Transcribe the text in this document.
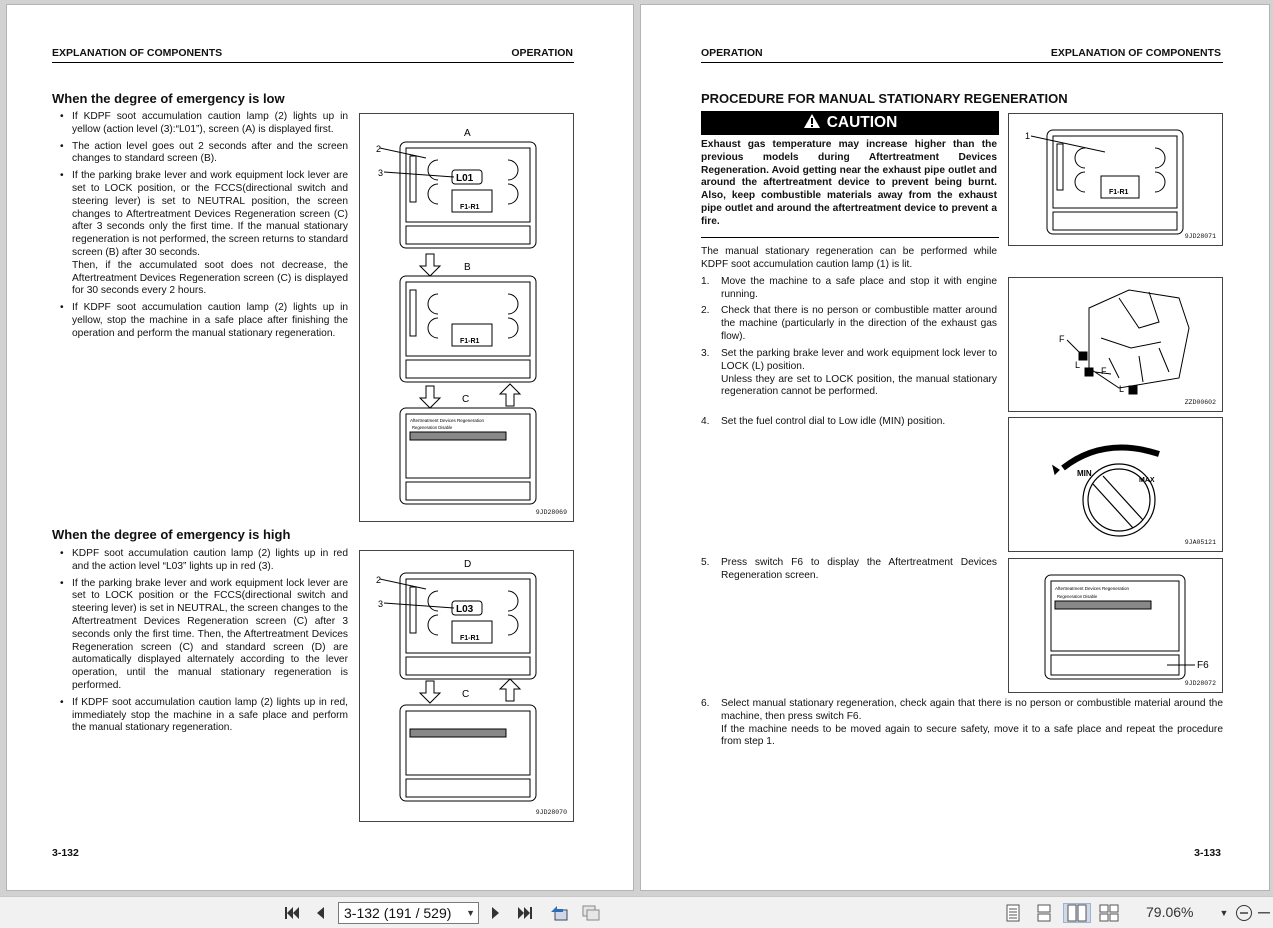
EXPLANATION OF COMPONENTS	OPERATION
When the degree of emergency is low
• If KDPF soot accumulation caution lamp (2) lights up in yellow (action level (3):“L01”), screen (A) is displayed first.
• The action level goes out 2 seconds after and the screen changes to standard screen (B).
• If the parking brake lever and work equipment lock lever are set to LOCK position, or the FCCS(directional switch and steering lever) is set to NEUTRAL position, the screen changes to Aftertreatment Devices Regeneration screen (C) after 3 seconds only the first time. If the manual stationary regeneration is not performed, the screen returns to standard screen (B) after 30 seconds.
Then, if the accumulated soot does not decrease, the Aftertreatment Devices Regeneration screen (C) is displayed for 30 seconds every 2 hours.
• If KDPF soot accumulation caution lamp (2) lights up in yellow, stop the machine in a safe place after finishing the operation and perform the manual stationary regeneration.
A
B
C
2
3	L01
F1-R1
F1-R1
Aftertreatment Devices Regeneration
Regeneration Disable
9JD28069
When the degree of emergency is high
• KDPF soot accumulation caution lamp (2) lights up in red and the action level “L03” lights up in red (3).
• If the parking brake lever and work equipment lock lever are set to LOCK position or the FCCS(directional switch and steering lever) is set in NEUTRAL, the screen changes to the Aftertreatment Devices Regeneration screen (C) after 3 seconds only the first time. Then, the Aftertreatment Devices Regeneration screen (C) and standard screen (D) are automatically displayed alternately according to the lever operation, until the manual stationary regeneration is performed.
• If KDPF soot accumulation caution lamp (2) lights up in red, immediately stop the machine in a safe place and perform the manual stationary regeneration.
D
C
2
3	L03
F1-R1
9JD28070
3-132
OPERATION	EXPLANATION OF COMPONENTS
PROCEDURE FOR MANUAL STATIONARY REGENERATION
CAUTION
Exhaust gas temperature may increase higher than the previous models during Aftertreatment Devices Regeneration. Avoid getting near the exhaust pipe outlet and around the aftertreatment device to prevent being burnt. Also, keep combustible materials away from the exhaust pipe outlet and around the aftertreatment device to prevent a fire.
The manual stationary regeneration can be performed while KDPF soot accumulation caution lamp (1) is lit.
1. Move the machine to a safe place and stop it with engine running.
2. Check that there is no person or combustible matter around the machine (particularly in the direction of the exhaust gas flow).
3. Set the parking brake lever and work equipment lock lever to LOCK (L) position.
Unless they are set to LOCK position, the manual stationary regeneration cannot be performed.
4. Set the fuel control dial to Low idle (MIN) position.
5. Press switch F6 to display the Aftertreatment Devices Regeneration screen.
6. Select manual stationary regeneration, check again that there is no person or combustible material around the machine, then press switch F6.
If the machine needs to be moved again to secure safety, move it to a safe place and repeat the procedure from step 1.
1
F1-R1
9JD28071
F
F
L
L
ZZD00602
MIN
MAX
9JA05121
Aftertreatment Devices Regeneration
Regeneration Disable
F6
9JD28072
3-133
3-132 (191 / 529) ▼	79.06%	▼
